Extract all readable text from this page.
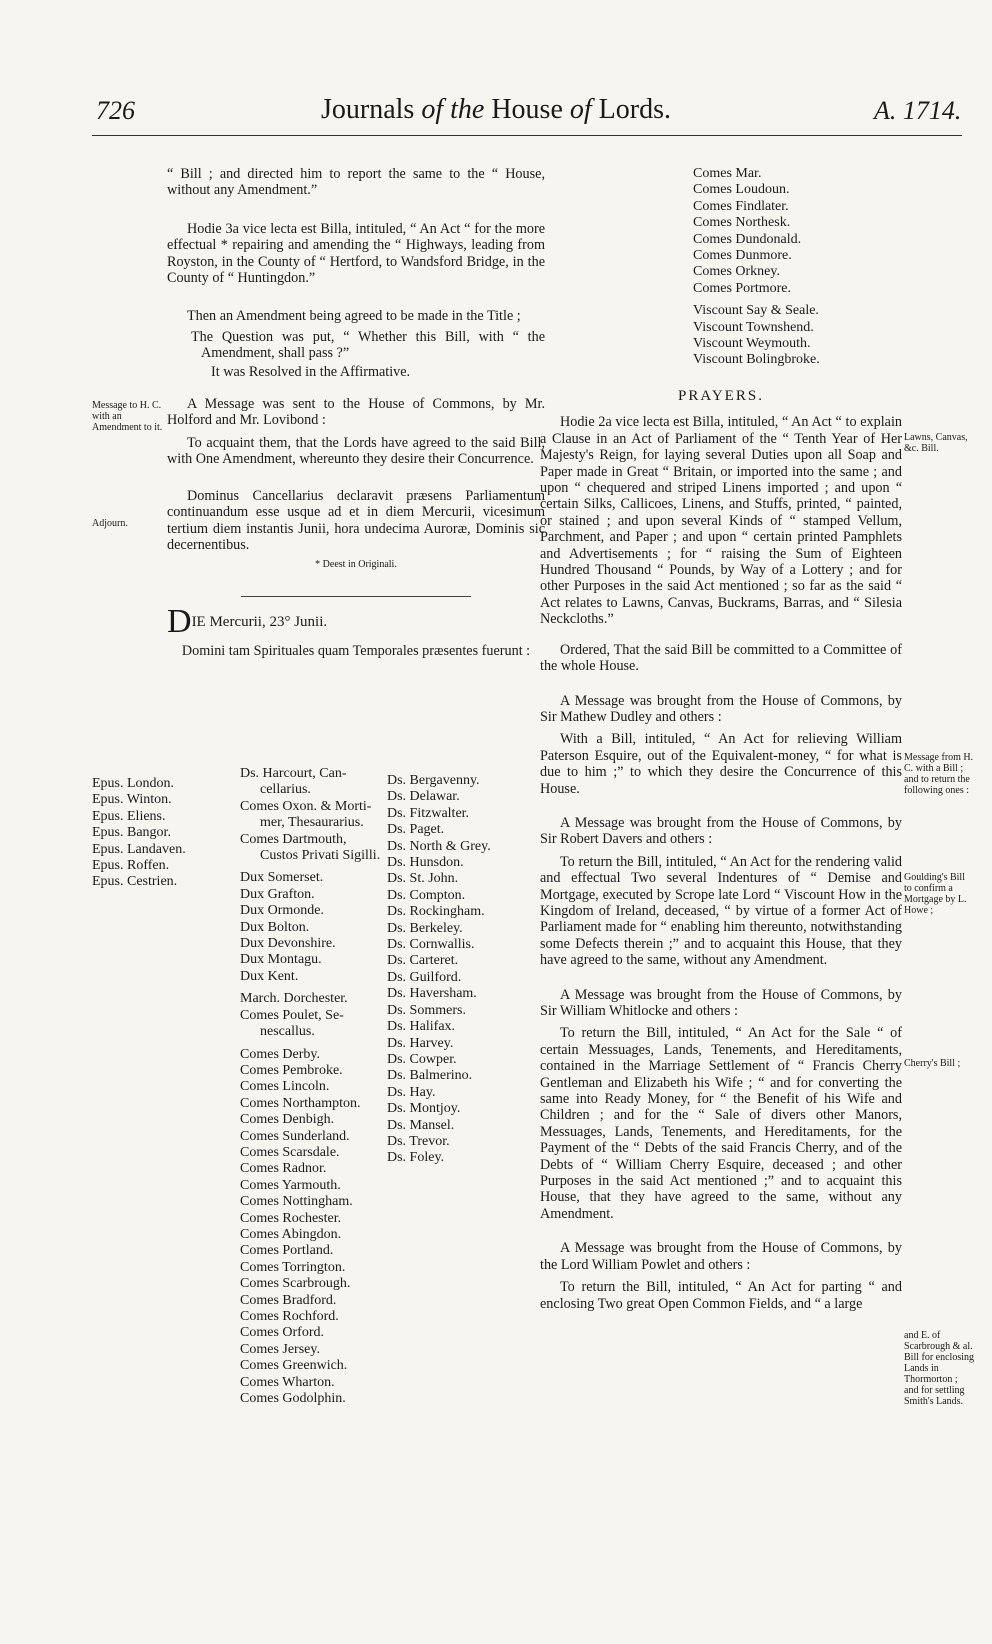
726	Journals of the House of Lords.	A. 1714.

“ Bill ; and directed him to report the same to the “ House, without any Amendment.”

Hodie 3a vice lecta est Billa, intituled, “ An Act “ for the more effectual * repairing and amending the “ Highways, leading from Royston, in the County of “ Hertford, to Wandsford Bridge, in the County of “ Huntingdon.”

Then an Amendment being agreed to be made in the Title ;

The Question was put, “ Whether this Bill, with “ the Amendment, shall pass ?”

It was Resolved in the Affirmative.

A Message was sent to the House of Commons, by Mr. Holford and Mr. Lovibond :

To acquaint them, that the Lords have agreed to the said Bill, with One Amendment, whereunto they desire their Concurrence.

Dominus Cancellarius declaravit præsens Parliamentum continuandum esse usque ad et in diem Mercurii, vicesimum tertium diem instantis Junii, hora undecima Auroræ, Dominis sic decernentibus.

* Deest in Originali.

DIE Mercurii, 23° Junii.

Domini tam Spirituales quam Temporales præsentes fuerunt :

Message to H. C. with an Amendment to it.
Adjourn.
Epus. London.
Epus. Winton.
Epus. Eliens.
Epus. Bangor.
Epus. Landaven.
Epus. Roffen.
Epus. Cestrien.
Ds. Harcourt, Can-
cellarius.
Comes Oxon. & Morti-
mer, Thesaurarius.
Comes Dartmouth,
Custos Privati Sigilli.
Dux Somerset.
Dux Grafton.
Dux Ormonde.
Dux Bolton.
Dux Devonshire.
Dux Montagu.
Dux Kent.
March. Dorchester.
Comes Poulet, Se-
nescallus.
Comes Derby.
Comes Pembroke.
Comes Lincoln.
Comes Northampton.
Comes Denbigh.
Comes Sunderland.
Comes Scarsdale.
Comes Radnor.
Comes Yarmouth.
Comes Nottingham.
Comes Rochester.
Comes Abingdon.
Comes Portland.
Comes Torrington.
Comes Scarbrough.
Comes Bradford.
Comes Rochford.
Comes Orford.
Comes Jersey.
Comes Greenwich.
Comes Wharton.
Comes Godolphin.
Ds. Bergavenny.
Ds. Delawar.
Ds. Fitzwalter.
Ds. Paget.
Ds. North & Grey.
Ds. Hunsdon.
Ds. St. John.
Ds. Compton.
Ds. Rockingham.
Ds. Berkeley.
Ds. Cornwallis.
Ds. Carteret.
Ds. Guilford.
Ds. Haversham.
Ds. Sommers.
Ds. Halifax.
Ds. Harvey.
Ds. Cowper.
Ds. Balmerino.
Ds. Hay.
Ds. Montjoy.
Ds. Mansel.
Ds. Trevor.
Ds. Foley.
Comes Mar.
Comes Loudoun.
Comes Findlater.
Comes Northesk.
Comes Dundonald.
Comes Dunmore.
Comes Orkney.
Comes Portmore.
Viscount Say & Seale.
Viscount Townshend.
Viscount Weymouth.
Viscount Bolingbroke.

PRAYERS.

Hodie 2a vice lecta est Billa, intituled, “ An Act “ to explain a Clause in an Act of Parliament of the “ Tenth Year of Her Majesty's Reign, for laying several Duties upon all Soap and Paper made in Great “ Britain, or imported into the same ; and upon “ chequered and striped Linens imported ; and upon “ certain Silks, Callicoes, Linens, and Stuffs, printed, “ painted, or stained ; and upon several Kinds of “ stamped Vellum, Parchment, and Paper ; and upon “ certain printed Pamphlets and Advertisements ; for “ raising the Sum of Eighteen Hundred Thousand “ Pounds, by Way of a Lottery ; and for other Purposes in the said Act mentioned ; so far as the said “ Act relates to Lawns, Canvas, Buckrams, Barras, and “ Silesia Neckcloths.”

Ordered, That the said Bill be committed to a Committee of the whole House.

A Message was brought from the House of Commons, by Sir Mathew Dudley and others :

With a Bill, intituled, “ An Act for relieving William Paterson Esquire, out of the Equivalent-money, “ for what is due to him ;” to which they desire the Concurrence of this House.

A Message was brought from the House of Commons, by Sir Robert Davers and others :

To return the Bill, intituled, “ An Act for the rendering valid and effectual Two several Indentures of “ Demise and Mortgage, executed by Scrope late Lord “ Viscount How in the Kingdom of Ireland, deceased, “ by virtue of a former Act of Parliament made for “ enabling him thereunto, notwithstanding some Defects therein ;” and to acquaint this House, that they have agreed to the same, without any Amendment.

A Message was brought from the House of Commons, by Sir William Whitlocke and others :

To return the Bill, intituled, “ An Act for the Sale “ of certain Messuages, Lands, Tenements, and Hereditaments, contained in the Marriage Settlement of “ Francis Cherry Gentleman and Elizabeth his Wife ; “ and for converting the same into Ready Money, for “ the Benefit of his Wife and Children ; and for the “ Sale of divers other Manors, Messuages, Lands, Tenements, and Hereditaments, for the Payment of the “ Debts of the said Francis Cherry, and of the Debts of “ William Cherry Esquire, deceased ; and other Purposes in the said Act mentioned ;” and to acquaint this House, that they have agreed to the same, without any Amendment.

A Message was brought from the House of Commons, by the Lord William Powlet and others :

To return the Bill, intituled, “ An Act for parting “ and enclosing Two great Open Common Fields, and “ a large

Lawns, Canvas, &c. Bill.
Message from H. C. with a Bill ; and to return the following ones :
Goulding's Bill to confirm a Mortgage by L. Howe ;
Cherry's Bill ;
and E. of Scarbrough & al. Bill for enclosing Lands in Thormorton ; and for settling Smith's Lands.
